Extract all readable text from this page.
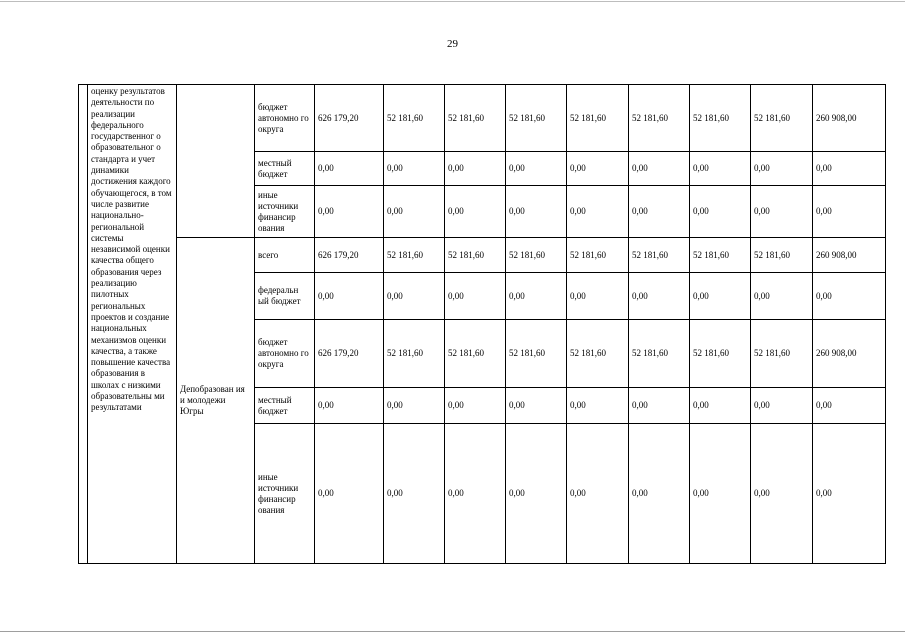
29
	оценку результатов деятельности по реализации федерального государственног о образовательног о стандарта и учет динамики достижения каждого обучающегося, в том числе развитие национально-региональной системы независимой оценки качества общего образования через реализацию пилотных региональных проектов и создание национальных механизмов оценки качества, а также повышение качества образования в школах с низкими образовательны ми результатами		бюджет автономно го округа	626 179,20	52 181,60	52 181,60	52 181,60	52 181,60	52 181,60	52 181,60	52 181,60	260 908,00
			местный бюджет	0,00	0,00	0,00	0,00	0,00	0,00	0,00	0,00	0,00
			иные источники финансир ования	0,00	0,00	0,00	0,00	0,00	0,00	0,00	0,00	0,00
		Депобразован ия и молодежи Югры	всего	626 179,20	52 181,60	52 181,60	52 181,60	52 181,60	52 181,60	52 181,60	52 181,60	260 908,00
			федеральн ый бюджет	0,00	0,00	0,00	0,00	0,00	0,00	0,00	0,00	0,00
			бюджет автономно го округа	626 179,20	52 181,60	52 181,60	52 181,60	52 181,60	52 181,60	52 181,60	52 181,60	260 908,00
			местный бюджет	0,00	0,00	0,00	0,00	0,00	0,00	0,00	0,00	0,00
			иные источники финансир ования	0,00	0,00	0,00	0,00	0,00	0,00	0,00	0,00	0,00
